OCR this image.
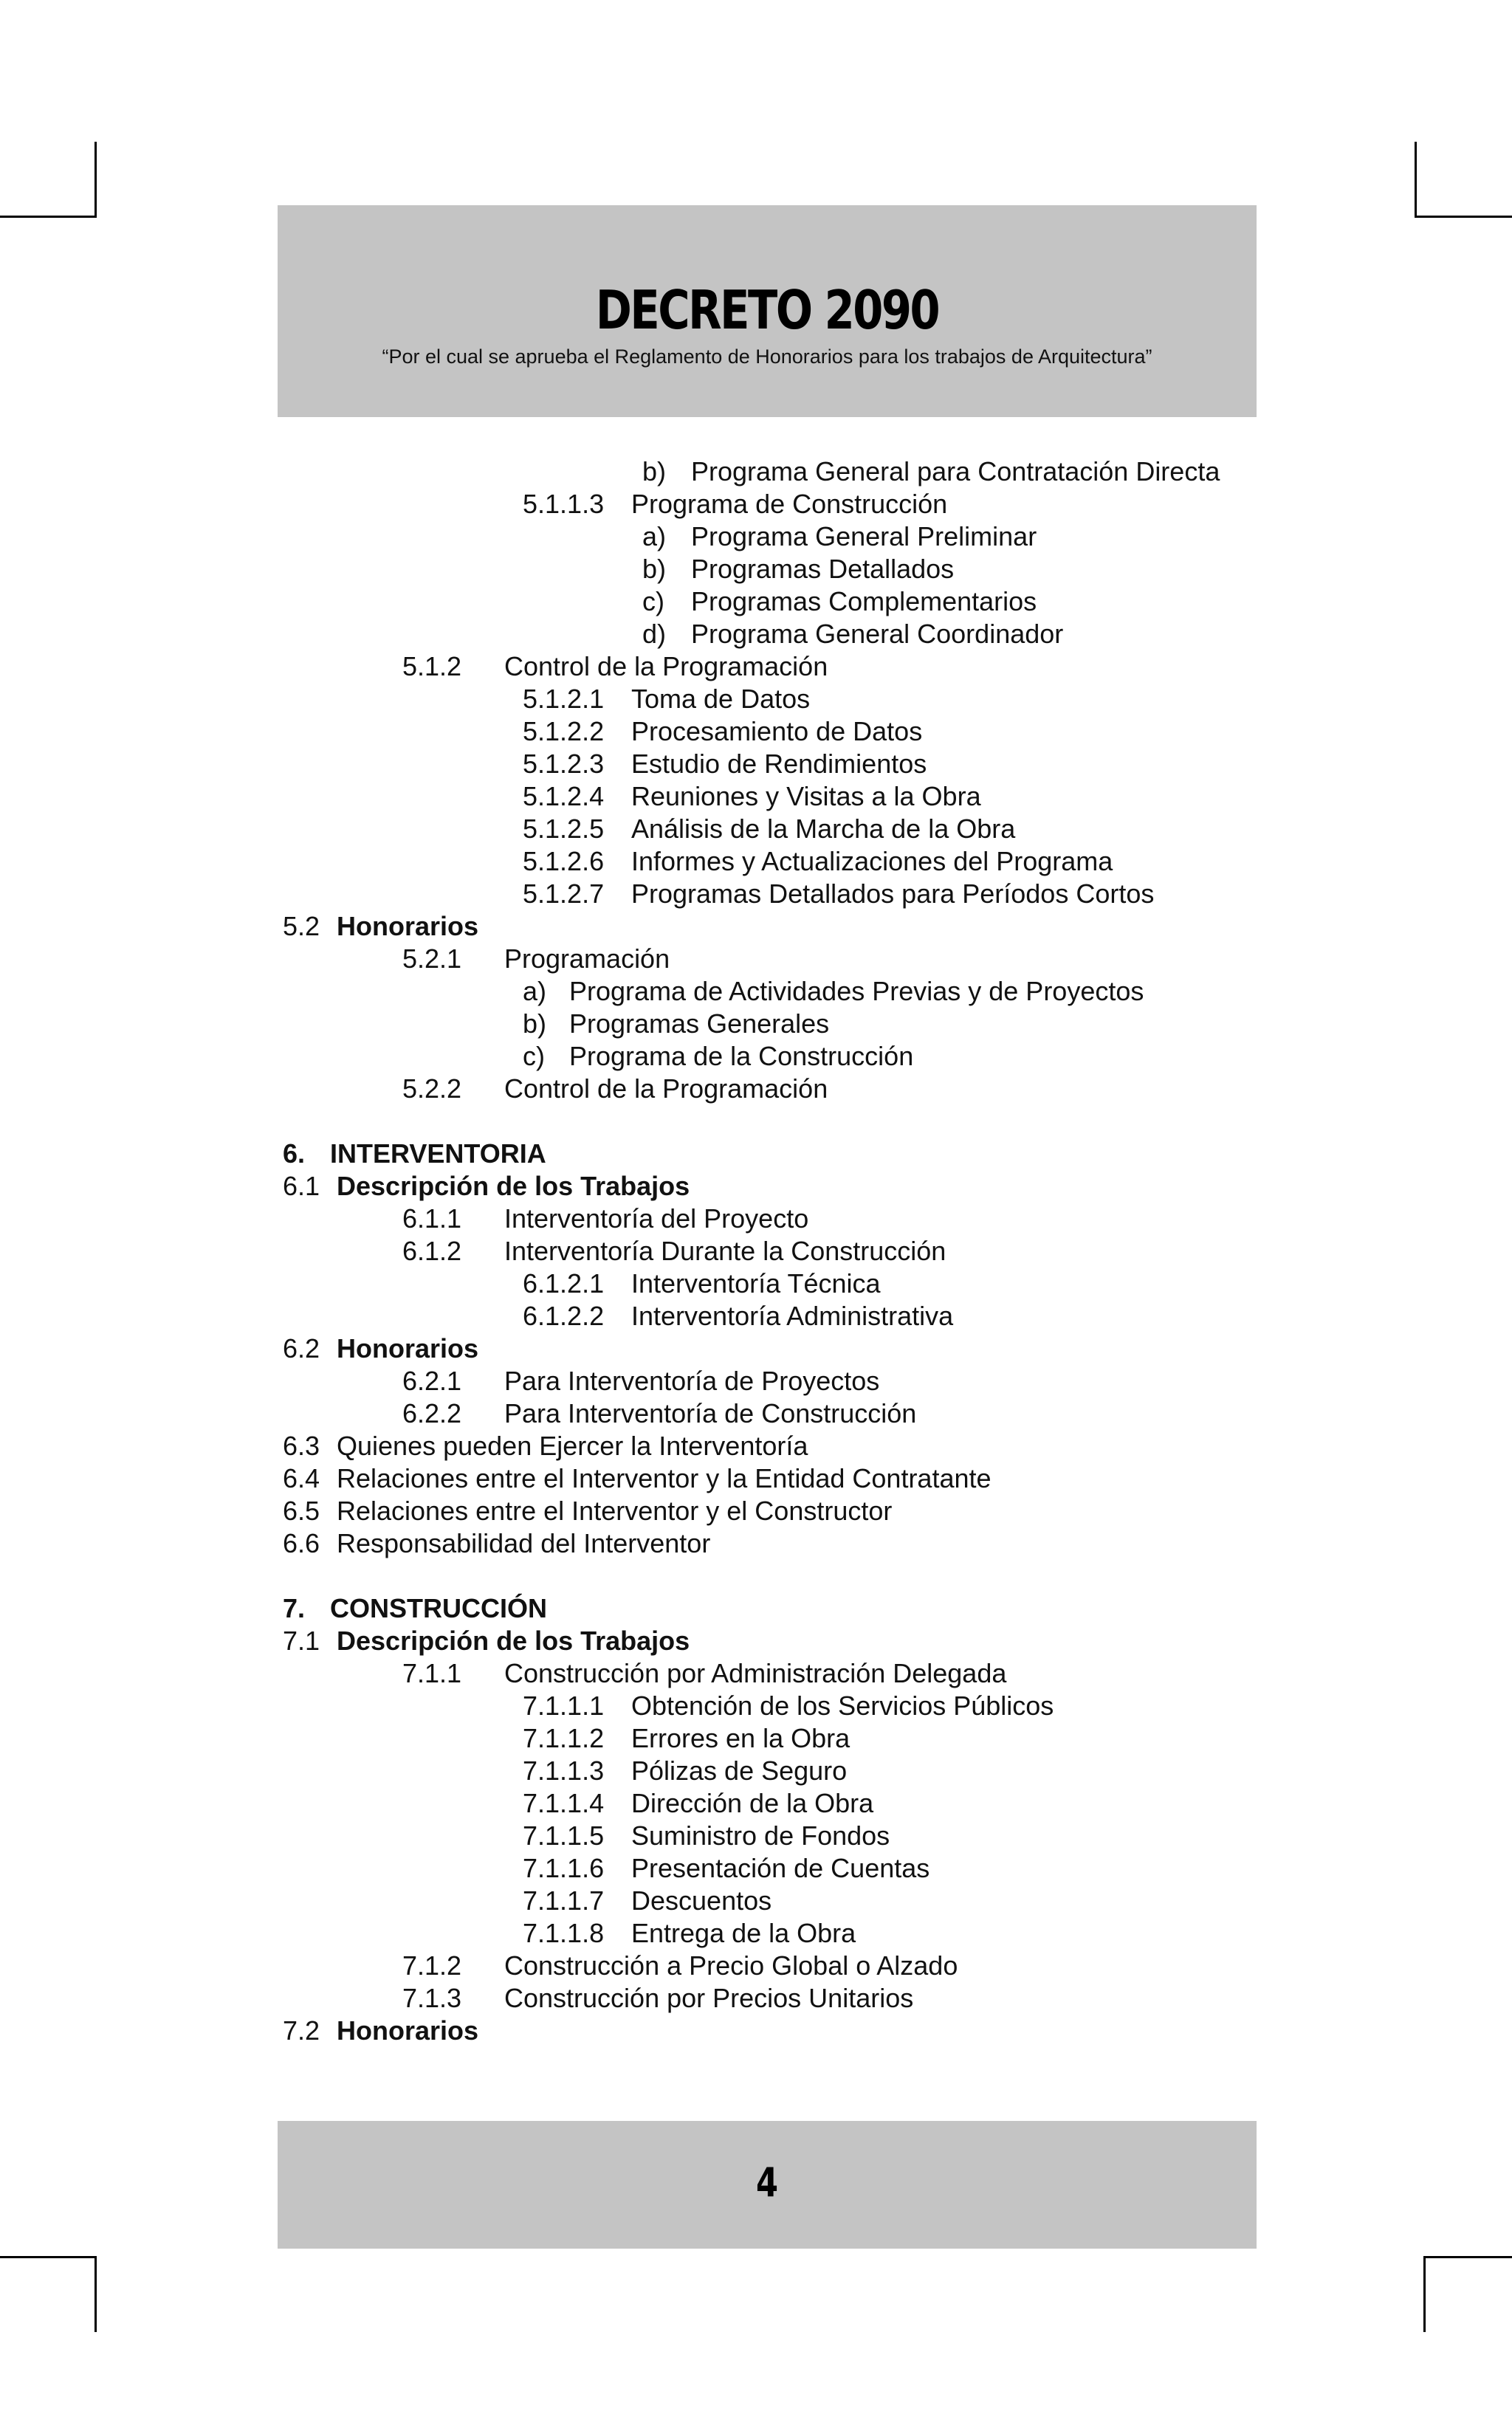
DECRETO 2090
“Por el cual se aprueba el Reglamento de Honorarios para los trabajos de Arquitectura”
b) Programa General para Contratación Directa
5.1.1.3 Programa de Construcción
a) Programa General Preliminar
b) Programas Detallados
c) Programas Complementarios
d) Programa General Coordinador
5.1.2 Control de la Programación
5.1.2.1 Toma de Datos
5.1.2.2 Procesamiento de Datos
5.1.2.3 Estudio de Rendimientos
5.1.2.4 Reuniones y Visitas a la Obra
5.1.2.5 Análisis de la Marcha de la Obra
5.1.2.6 Informes y Actualizaciones del Programa
5.1.2.7 Programas Detallados para Períodos Cortos
5.2 Honorarios
5.2.1 Programación
a) Programa de Actividades Previas y de Proyectos
b) Programas Generales
c) Programa de la Construcción
5.2.2 Control de la Programación
6. INTERVENTORIA
6.1 Descripción de los Trabajos
6.1.1 Interventoría del Proyecto
6.1.2 Interventoría Durante la Construcción
6.1.2.1 Interventoría Técnica
6.1.2.2 Interventoría Administrativa
6.2 Honorarios
6.2.1 Para Interventoría de Proyectos
6.2.2 Para Interventoría de Construcción
6.3 Quienes pueden Ejercer la Interventoría
6.4 Relaciones entre el Interventor y la Entidad Contratante
6.5 Relaciones entre el Interventor y el Constructor
6.6 Responsabilidad del Interventor
7. CONSTRUCCIÓN
7.1 Descripción de los Trabajos
7.1.1 Construcción por Administración Delegada
7.1.1.1 Obtención de los Servicios Públicos
7.1.1.2 Errores en la Obra
7.1.1.3 Pólizas de Seguro
7.1.1.4 Dirección de la Obra
7.1.1.5 Suministro de Fondos
7.1.1.6 Presentación de Cuentas
7.1.1.7 Descuentos
7.1.1.8 Entrega de la Obra
7.1.2 Construcción a Precio Global o Alzado
7.1.3 Construcción por Precios Unitarios
7.2 Honorarios
4
